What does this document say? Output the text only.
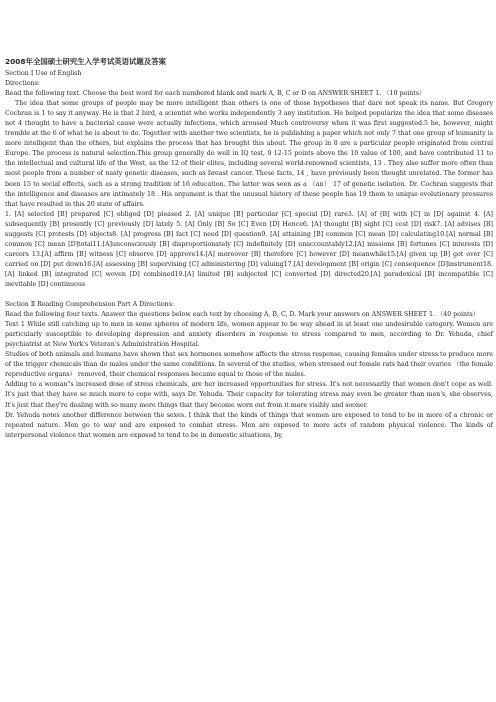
2008年全国硕士研究生入学考试英语试题及答案

Section Ⅰ Use of English

Directions:

Read the following text. Choose the best word for each numbered blank and mark A, B, C or D on ANSWER SHEET 1. （10 points）

The idea that some groups of people may be more intelligent than others is one of those hypotheses that dare not speak its name. But Gregory Cochran is 1 to say it anyway. He is that 2 bird, a scientist who works independently 3 any institution. He helped popularize the idea that some diseases not 4 thought to have a bacterial cause were actually infections, which aroused Much controversy when it was first suggested.5 he, however, might tremble at the 6 of what he is about to do. Together with another two scientists, he is publishing a paper which not only 7 that one group of humanity is more intelligent than the others, but explains the process that has brought this about. The group in 8 are a particular people originated from central Europe. The process is natural selection.This group generally do well in IQ test, 9 12-15 points above the 10 value of 100, and have contributed 11 to the intellectual and cultural life of the West, as the 12 of their elites, including several world-renowned scientists, 13 . They also suffer more often than most people from a number of nasty genetic diseases, such as breast cancer. These facts, 14 , have previously been thought unrelated. The former has been 15 to social effects, such as a strong tradition of 16 education. The latter was seen as a （an） 17 of genetic isolation. Dr. Cochran suggests that the intelligence and diseases are intimately 18 . His argument is that the unusual history of these people has 19 them to unique evolutionary pressures that have resulted in this 20 state of affairs.

1. [A] selected [B] prepared [C] obliged [D] pleased 2. [A] unique [B] particular [C] special [D] rare3. [A] of [B] with [C] in [D] against 4. [A] subsequently [B] presently [C] previously [D] lately 5. [A] Only [B] So [C] Even [D] Hence6. [A] thought [B] sight [C] cost [D] risk7. [A] advises [B] suggests [C] protests [D] objects8. [A] progress [B] fact [C] need [D] question9. [A] attaining [B] common [C] mean [D] calculating10.[A] normal [B] common [C] mean [D]total11.[A]unconsciously [B] disproportionately [C] indefinitely [D] unaccountably12.[A] missions [B] fortunes [C] interests [D] careers 13.[A] affirm [B] witness [C] observe [D] approve14.[A] moreover [B] therefore [C] however [D] meanwhile15.[A] given up [B] got over [C] carried on [D] put down16.[A] assessing [B] supervising [C] administering [D] valuing17.[A] development [B] origin [C] consequence [D]instrument18.[A] linked [B] integrated [C] woven [D] combined19.[A] limited [B] subjected [C] converted [D] directed20.[A] paradoxical [B] incompatible [C] inevitable [D] continuous

Section Ⅱ Reading Comprehension Part A Directions:

Read the following four texts. Answer the questions below each text by choosing A, B, C, D. Mark your answers on ANSWER SHEET 1. （40 points）

Text 1 While still catching up to men in some spheres of modern life, women appear to be way ahead in at least one undesirable category. Women are particularly susceptible to developing depression and anxiety disorders in response to stress compared to men, according to Dr. Yehuda, chief psychiatrist at New York's Veteran's Administration Hospital.

Studies of both animals and humans have shown that sex hormones somehow affects the stress response, causing females under stress to produce more of the trigger chemicals than do males under the same conditions. In several of the studies, when stressed out female rats had their ovaries （the female reproductive organs） removed, their chemical responses became equal to those of the males.

Adding to a woman"s increased dose of stress chemicals, are her increased opportunities for stress. It's not necessarily that women don't cope as well. It's just that they have so much more to cope with, says Dr. Yehuda. Their capacity for tolerating stress may even be greater than men's, she observes, It's just that they're dealing with so many more things that they become worn out from it more visibly and sooner.

Dr. Yehuda notes another difference between the sexes. I think that the kinds of things that women are exposed to tend to be in more of a chronic or repeated nature. Men go to war and are exposed to combat stress. Men are exposed to more acts of random physical violence. The kinds of interpersonal violence that women are exposed to tend to be in domestic situations, by,
